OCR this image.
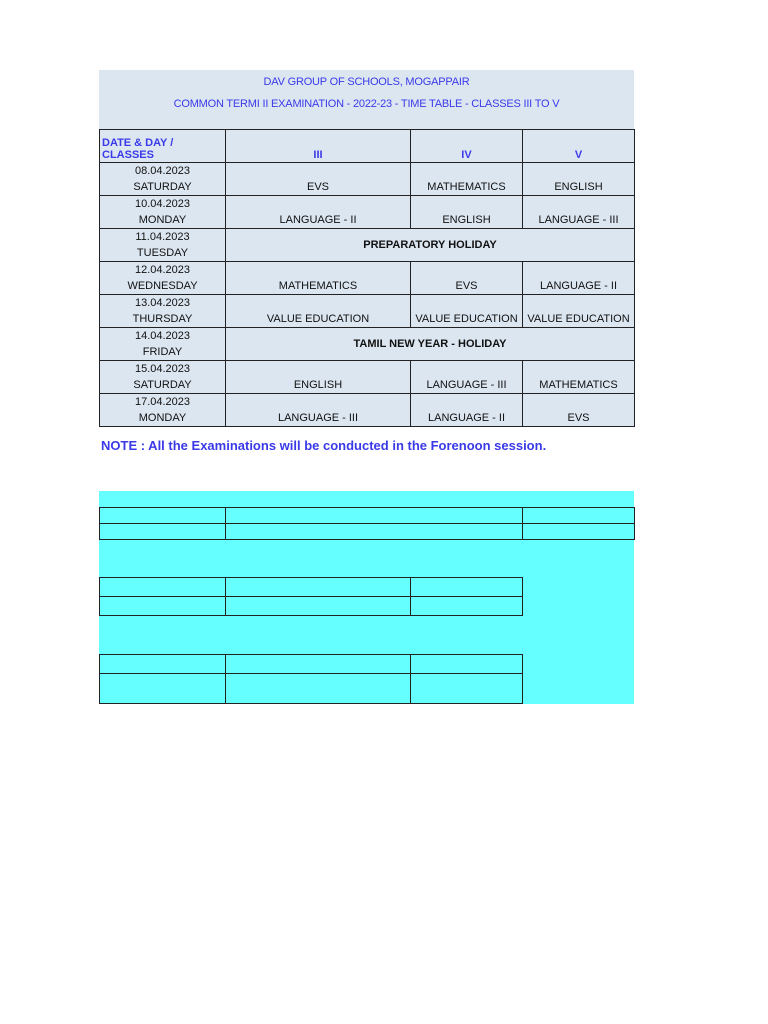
DAV GROUP OF SCHOOLS, MOGAPPAIR
COMMON TERMI II EXAMINATION - 2022-23 - TIME TABLE - CLASSES III TO V
DATE & DAY / CLASSES	III	IV	V

08.04.2023
SATURDAY	EVS	MATHEMATICS	ENGLISH

10.04.2023
MONDAY	LANGUAGE - II	ENGLISH	LANGUAGE - III

11.04.2023
TUESDAY	PREPARATORY HOLIDAY		

12.04.2023
WEDNESDAY	MATHEMATICS	EVS	LANGUAGE - II

13.04.2023
THURSDAY	VALUE EDUCATION	VALUE EDUCATION	VALUE EDUCATION

14.04.2023
FRIDAY	TAMIL NEW YEAR - HOLIDAY		

15.04.2023
SATURDAY	ENGLISH	LANGUAGE - III	MATHEMATICS

17.04.2023
MONDAY	LANGUAGE - III	LANGUAGE - II	EVS
NOTE : All the Examinations will be conducted in the Forenoon session.
